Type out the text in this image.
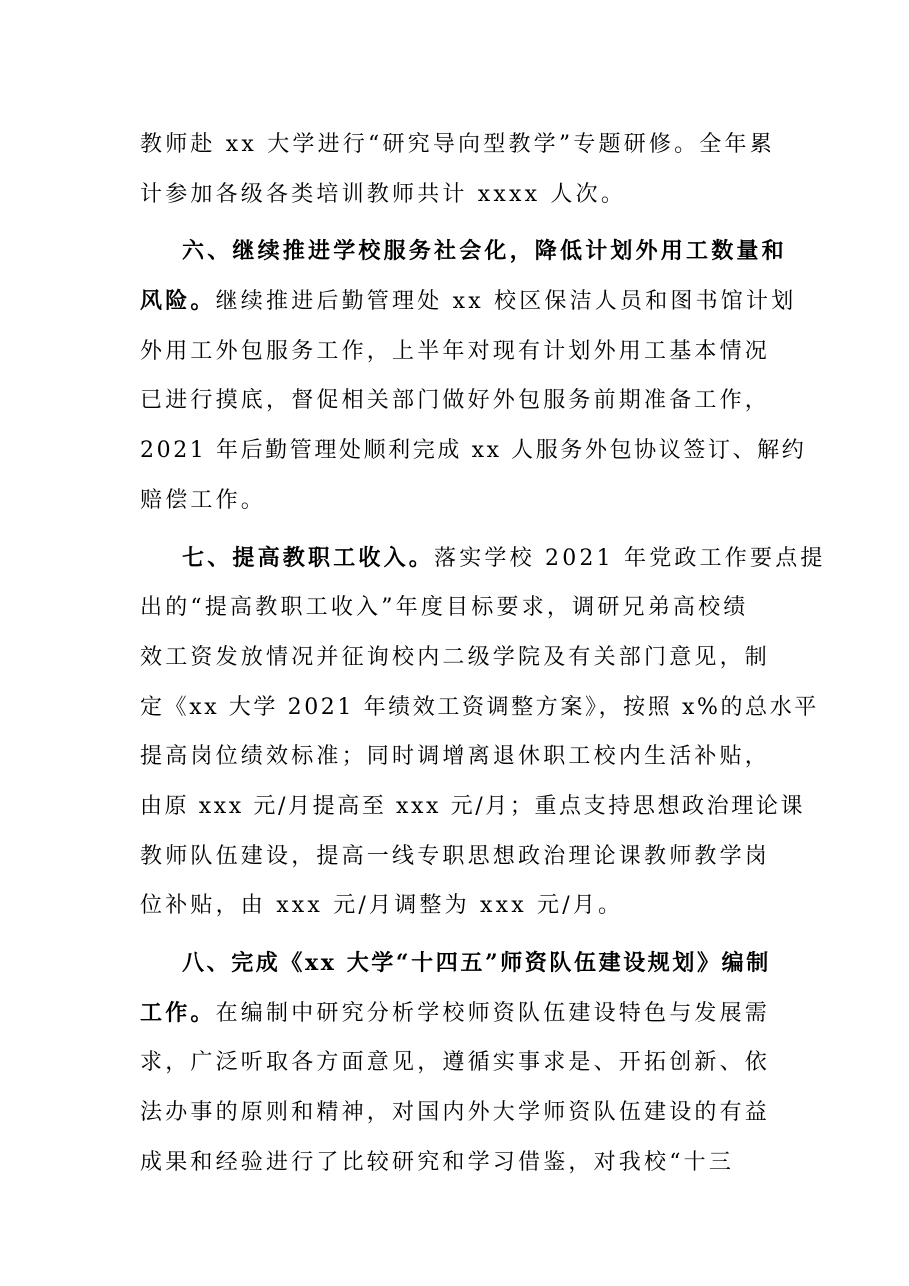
教师赴 xx 大学进行“研究导向型教学”专题研修。全年累
计参加各级各类培训教师共计 xxxx 人次。
六、继续推进学校服务社会化，降低计划外用工数量和
风险。继续推进后勤管理处 xx 校区保洁人员和图书馆计划
外用工外包服务工作，上半年对现有计划外用工基本情况
已进行摸底，督促相关部门做好外包服务前期准备工作，
2021 年后勤管理处顺利完成 xx 人服务外包协议签订、解约
赔偿工作。
七、提高教职工收入。落实学校 2021 年党政工作要点提
出的“提高教职工收入”年度目标要求，调研兄弟高校绩
效工资发放情况并征询校内二级学院及有关部门意见，制
定《xx 大学 2021 年绩效工资调整方案》，按照 x%的总水平
提高岗位绩效标准；同时调增离退休职工校内生活补贴，
由原 xxx 元/月提高至 xxx 元/月；重点支持思想政治理论课
教师队伍建设，提高一线专职思想政治理论课教师教学岗
位补贴，由 xxx 元/月调整为 xxx 元/月。
八、完成《xx 大学“十四五”师资队伍建设规划》编制
工作。在编制中研究分析学校师资队伍建设特色与发展需
求，广泛听取各方面意见，遵循实事求是、开拓创新、依
法办事的原则和精神，对国内外大学师资队伍建设的有益
成果和经验进行了比较研究和学习借鉴，对我校“十三
